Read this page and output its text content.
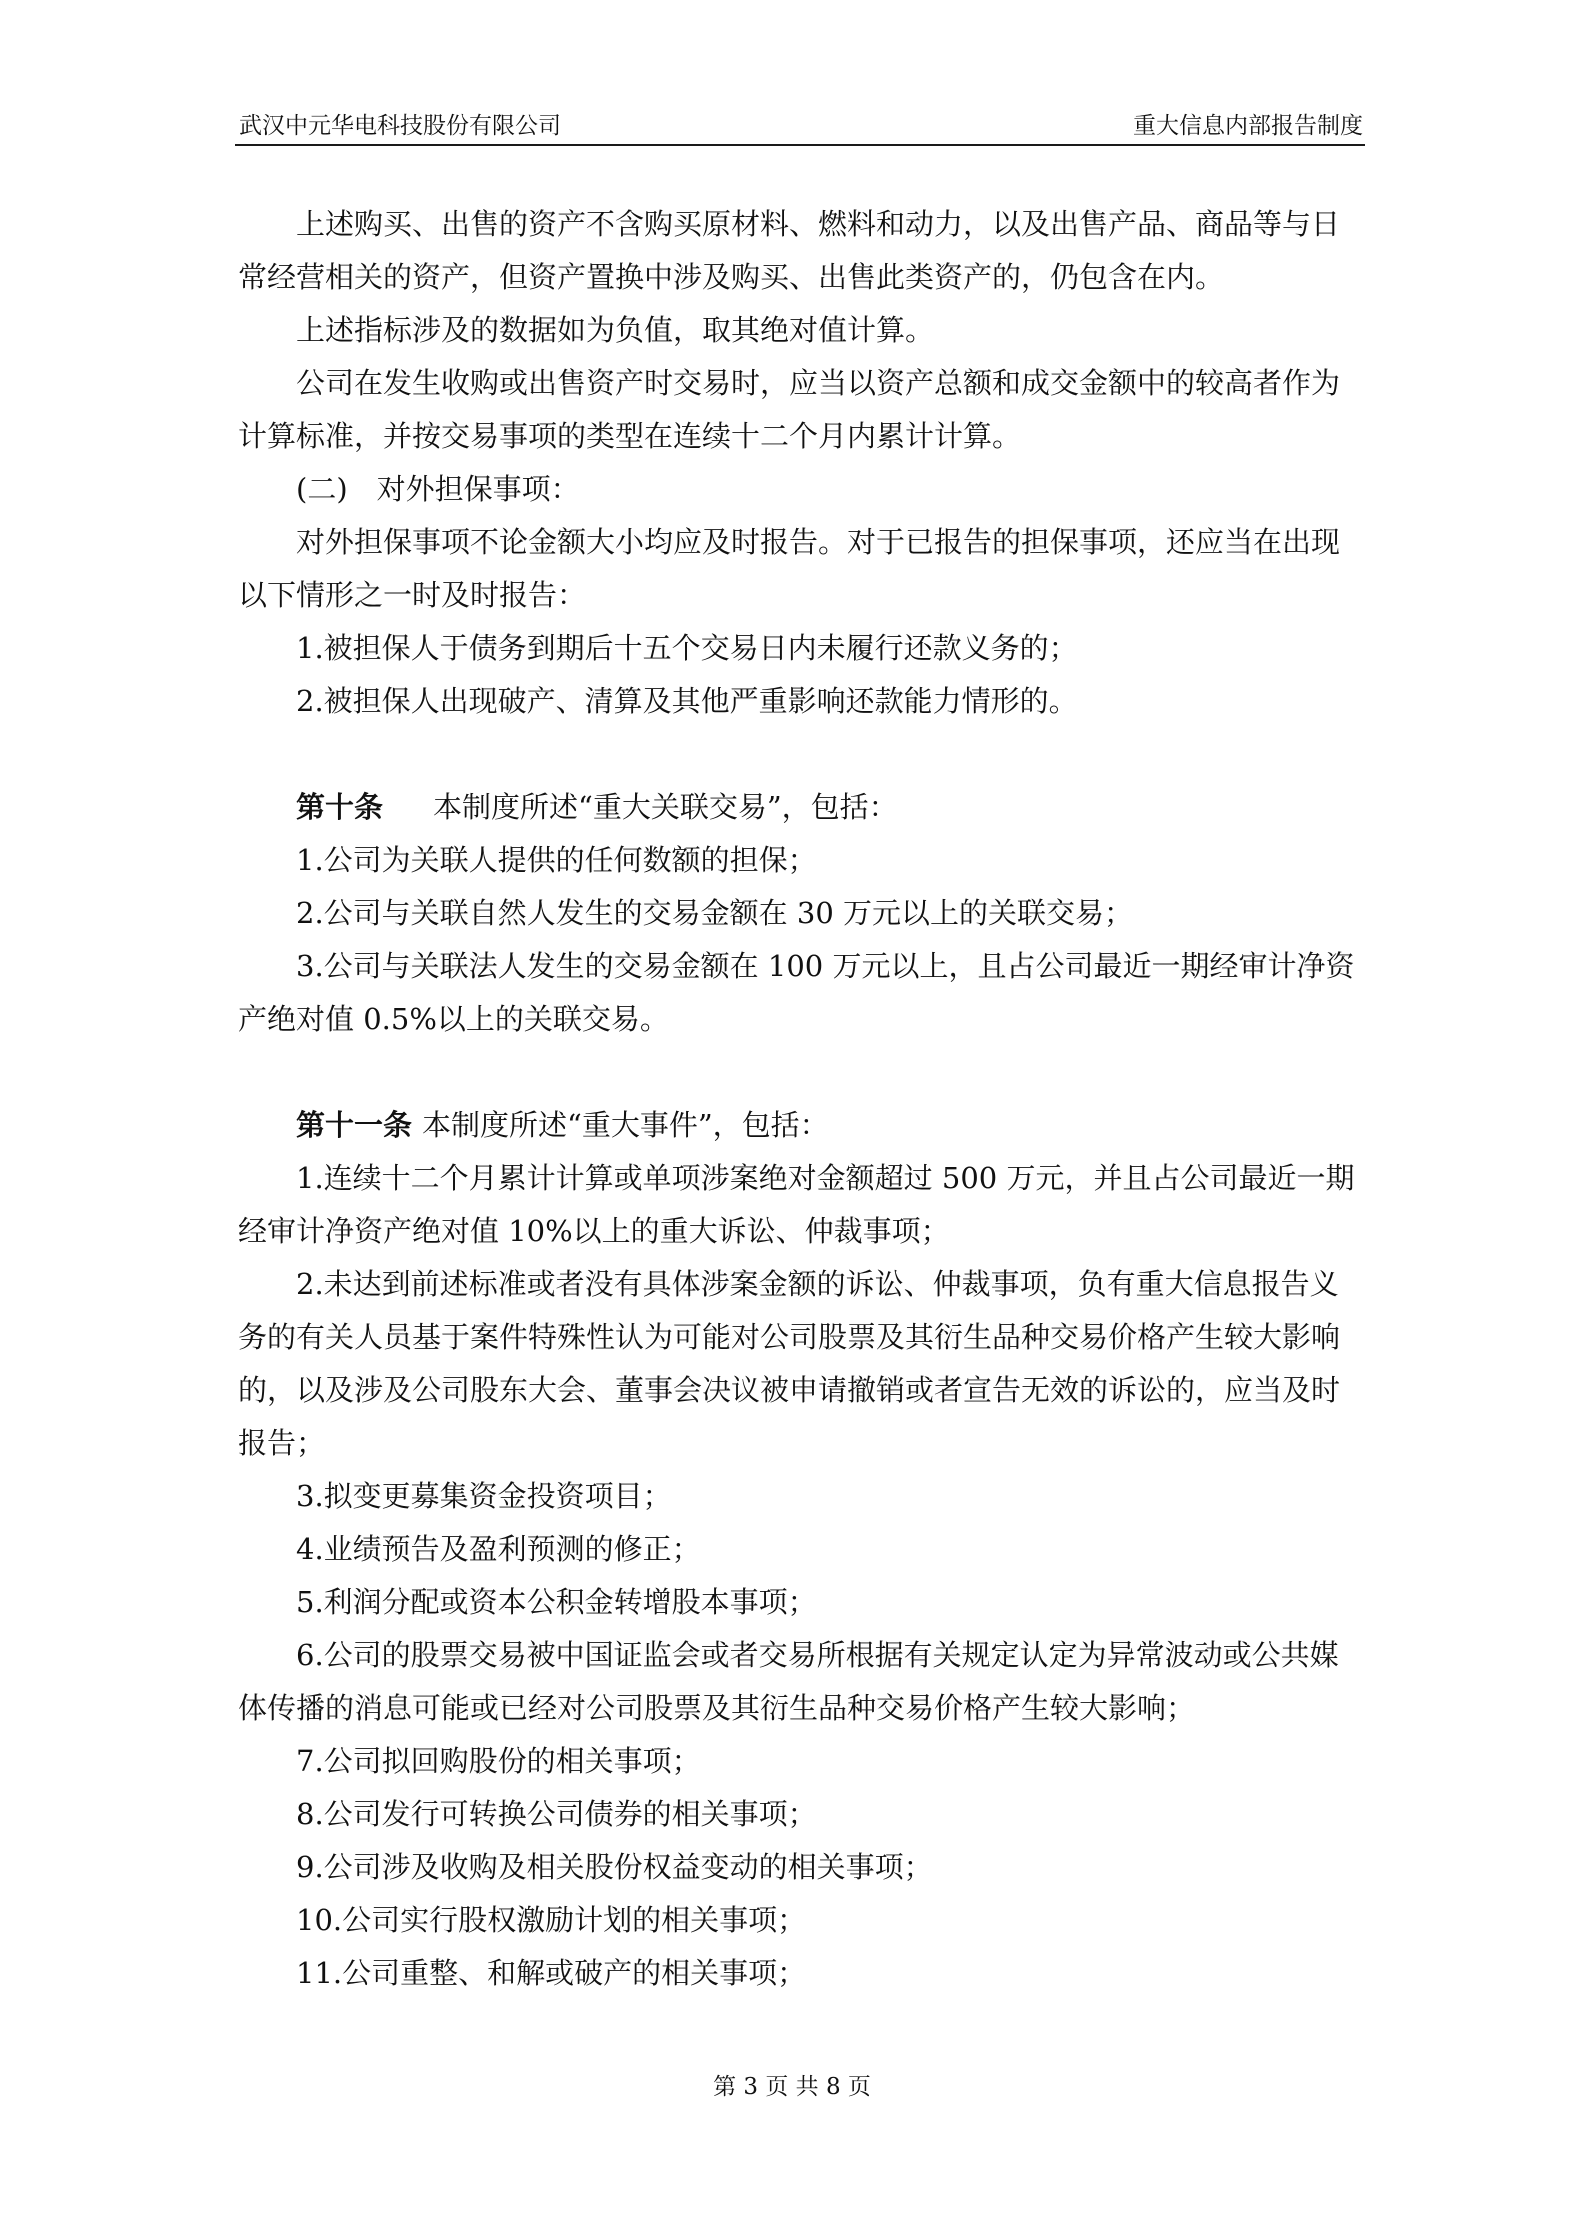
武汉中元华电科技股份有限公司	重大信息内部报告制度

上述购买、出售的资产不含购买原材料、燃料和动力，以及出售产品、商品等与日常经营相关的资产，但资产置换中涉及购买、出售此类资产的，仍包含在内。

上述指标涉及的数据如为负值，取其绝对值计算。

公司在发生收购或出售资产时交易时，应当以资产总额和成交金额中的较高者作为计算标准，并按交易事项的类型在连续十二个月内累计计算。

(二)　对外担保事项：

对外担保事项不论金额大小均应及时报告。对于已报告的担保事项，还应当在出现以下情形之一时及时报告：

1.被担保人于债务到期后十五个交易日内未履行还款义务的；

2.被担保人出现破产、清算及其他严重影响还款能力情形的。

第十条 本制度所述“重大关联交易”，包括：

1.公司为关联人提供的任何数额的担保；

2.公司与关联自然人发生的交易金额在 30 万元以上的关联交易；

3.公司与关联法人发生的交易金额在 100 万元以上，且占公司最近一期经审计净资产绝对值 0.5%以上的关联交易。

第十一条 本制度所述“重大事件”，包括：

1.连续十二个月累计计算或单项涉案绝对金额超过 500 万元，并且占公司最近一期经审计净资产绝对值 10%以上的重大诉讼、仲裁事项；

2.未达到前述标准或者没有具体涉案金额的诉讼、仲裁事项，负有重大信息报告义务的有关人员基于案件特殊性认为可能对公司股票及其衍生品种交易价格产生较大影响的，以及涉及公司股东大会、董事会决议被申请撤销或者宣告无效的诉讼的，应当及时报告；

3.拟变更募集资金投资项目；

4.业绩预告及盈利预测的修正；

5.利润分配或资本公积金转增股本事项；

6.公司的股票交易被中国证监会或者交易所根据有关规定认定为异常波动或公共媒体传播的消息可能或已经对公司股票及其衍生品种交易价格产生较大影响；

7.公司拟回购股份的相关事项；

8.公司发行可转换公司债券的相关事项；

9.公司涉及收购及相关股份权益变动的相关事项；

10.公司实行股权激励计划的相关事项；

11.公司重整、和解或破产的相关事项；

第 3 页 共 8 页
